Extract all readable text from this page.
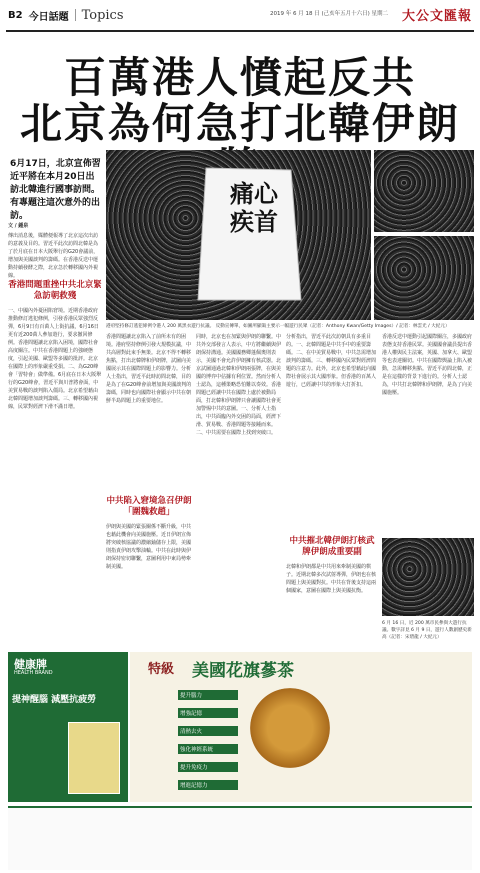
B2 今日話題 Topics	2019 年 6 月 18 日 (己亥年五月十六日) 星期二 大公文匯報
百萬港人憤起反共
北京為何急打北韓伊朗
6月17日，北京宣佈習近平將在本月20日出訪北韓進行國事訪問。有專題注這次意外的出訪。
痛心疾首
港府堅持修訂逃犯條例令港人 200 萬黑衣遊行抗議。 反動宣傳單，如圖所顯鴿主要示一幅遊行民眾（記者：Anthony Kwan/Getty Images）/ 記者：林雲光 / 大紀元）
文 / 鍾泉
香港問題重挫中共北京緊急訪朝救殘
傳出消息後，媒體便報導了北京這次出訪的意義及目的。習近平此次訪問北韓是為了於月底在日本大阪舉行的G20會議前，增加與美國談判的籌碼。在香港反送中運動持續發酵之際，北京急於轉移國內外視線。
一、中國內外憂困陷窘境。近期香港政府推動修訂逃犯條例，引發香港民眾強烈反彈，6月9日有百萬人上街抗議，6月16日更有近200萬人參加遊行，要求撤回修例。香港問題讓北京陷入困境，國際社會高度關注。中共在香港問題上的強硬態度，引起美國、歐盟等多國的批評。北京在國際上的形象嚴重受損。二、為G20峰會「習特會」做準備。6月底在日本大阪舉行的G20峰會，習近平與川普將會面，中美貿易戰的談判陷入僵局。北京希望藉由北韓問題增加談判籌碼。三、轉移國內視線，民眾對經濟下滑不滿日增。
香港問題讓北京陷入了前所未有的困境。港府堅持修例引發大規模抗議，中共高層對此束手無策。北京不得不轉移焦點，打出北韓牌和伊朗牌，試圖向美國展示其在國際問題上的影響力。分析人士指出，習近平此時訪問北韓，目的是為了在G20峰會前增加與美國談判的籌碼，同時也向國際社會顯示中共在朝鮮半島問題上的重要地位。
中共陷入窘境急召伊朗「圍魏救趙」
伊朗與美國的緊張關係不斷升級，中共也藉此機會向美國施壓。近日伊朗宣佈將突破核協議的濃縮鈾儲存上限，美國則指責伊朗攻擊油輪。中共在此時與伊朗保持密切聯繫，意圖利用中東局勢牽制美國。
同時，北京也在加緊與伊朗的聯繫。中共外交部發言人表示，中方將繼續與伊朗保持溝通。美國國務卿蓬佩奧則表示，美國不會允許伊朗擁有核武器。北京試圖通過北韓和伊朗兩張牌，在與美國的博弈中佔據有利位置。然而分析人士認為，這種策略恐怕難以奏效。香港問題已經讓中共在國際上處於被動局面，打北韓和伊朗牌只會讓國際社會更加警惕中共的意圖。一、分析人士指出，中共面臨內外交困的局面，經濟下滑、貿易戰、香港問題等接踵而來。二、中共需要在國際上找到突破口。
分析指出，習近平此次訪朝具有多重目的。一、北韓問題是中共手中的重要籌碼。二、在中美貿易戰中，中共急需增加談判的籌碼。三、轉移國內民眾對經濟問題的注意力。此外，北京也希望藉此向國際社會展示其大國形象。但香港的百萬人遊行，已經讓中共的形象大打折扣。
香港反送中運動引起國際關注，多國政府表態支持香港民眾。美國國會議員提出香港人權與民主法案，英國、加拿大、歐盟等也表達關切。中共在國際輿論上陷入被動，急需轉移焦點。習近平訪問北韓，正是在這樣的背景下進行的。分析人士認為，中共打北韓牌和伊朗牌，是為了向美國施壓。
中共摧北韓伊朗打核武牌伊朗成重要副
北韓和伊朗都是中共用來牽制美國的棋子。近期北韓多次試射導彈，伊朗也在核問題上與美國對抗。中共在背後支持這兩個國家，意圖在國際上與美國抗衡。
6 月 16 日，近 200 萬市民參與大遊行抗議。數字詳見 6 月 9 日，遊行人數創歷史新高（記者：宋碧龍 / 大紀元）
健康牌
HEALTH BRAND
提神醒腦 減壓抗疲勞
特級 美國花旗蔘茶
提升腦力
增強記憶
清熱去火
強化神經系統
提升免疫力
增進記憶力
